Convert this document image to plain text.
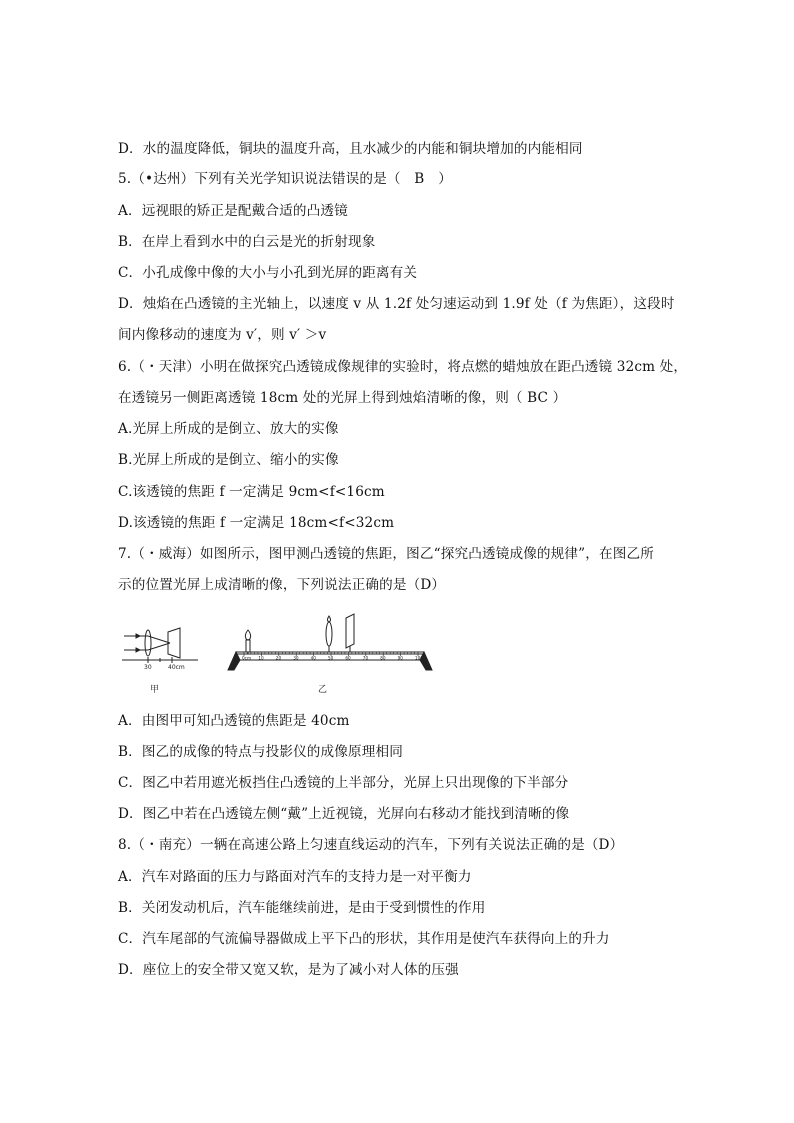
D．水的温度降低，铜块的温度升高，且水减少的内能和铜块增加的内能相同
5.（•达州）下列有关光学知识说法错误的是（　B　）
A．远视眼的矫正是配戴合适的凸透镜
B．在岸上看到水中的白云是光的折射现象
C．小孔成像中像的大小与小孔到光屏的距离有关
D．烛焰在凸透镜的主光轴上，以速度 v 从 1.2f 处匀速运动到 1.9f 处（f 为焦距），这段时
间内像移动的速度为 v′，则 v′ ＞v
6.（・天津）小明在做探究凸透镜成像规律的实验时，将点燃的蜡烛放在距凸透镜 32cm 处，
在透镜另一侧距离透镜 18cm 处的光屏上得到烛焰清晰的像，则（ BC ）
A.光屏上所成的是倒立、放大的实像
B.光屏上所成的是倒立、缩小的实像
C.该透镜的焦距 f 一定满足 9cm<f<16cm
D.该透镜的焦距 f 一定满足 18cm<f<32cm
7.（・威海）如图所示，图甲测凸透镜的焦距，图乙“探究凸透镜成像的规律”，在图乙所
示的位置光屏上成清晰的像，下列说法正确的是（D）
30	40cm
甲
0cm 10	20	30	40	50	60	70	80	90	100
乙
A．由图甲可知凸透镜的焦距是 40cm
B．图乙的成像的特点与投影仪的成像原理相同
C．图乙中若用遮光板挡住凸透镜的上半部分，光屏上只出现像的下半部分
D．图乙中若在凸透镜左侧“戴”上近视镜，光屏向右移动才能找到清晰的像
8.（・南充）一辆在高速公路上匀速直线运动的汽车，下列有关说法正确的是（D）
A．汽车对路面的压力与路面对汽车的支持力是一对平衡力
B．关闭发动机后，汽车能继续前进，是由于受到惯性的作用
C．汽车尾部的气流偏导器做成上平下凸的形状，其作用是使汽车获得向上的升力
D．座位上的安全带又宽又软，是为了减小对人体的压强
